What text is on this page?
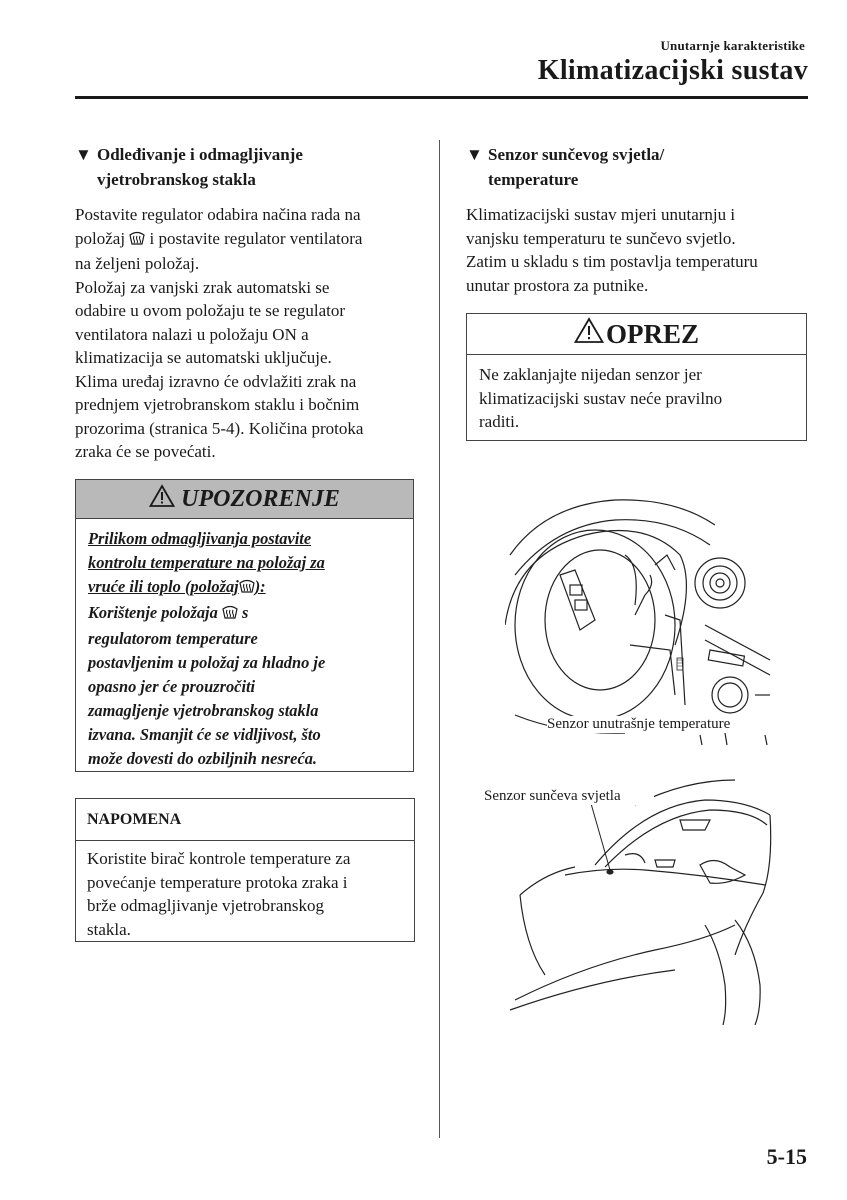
Unutarnje karakteristike
Klimatizacijski sustav
▼ Odleđivanje i odmagljivanje
vjetrobranskog stakla
Postavite regulator odabira načina rada na
položaj i postavite regulator ventilatora
na željeni položaj.
Položaj za vanjski zrak automatski se
odabire u ovom položaju te se regulator
ventilatora nalazi u položaju ON a
klimatizacija se automatski uključuje.
Klima uređaj izravno će odvlažiti zrak na
prednjem vjetrobranskom staklu i bočnim
prozorima (stranica 5-4). Količina protoka
zraka će se povećati.
UPOZORENJE
Prilikom odmagljivanja postavite
kontrolu temperature na položaj za
vruće ili toplo (položaj ):
Korištenje položaja s
regulatorom temperature
postavljenim u položaj za hladno je
opasno jer će prouzročiti
zamagljenje vjetrobranskog stakla
izvana. Smanjit će se vidljivost, što
može dovesti do ozbiljnih nesreća.
NAPOMENA
Koristite birač kontrole temperature za
povećanje temperature protoka zraka i
brže odmagljivanje vjetrobranskog
stakla.
▼ Senzor sunčevog svjetla/
temperature
Klimatizacijski sustav mjeri unutarnju i
vanjsku temperaturu te sunčevo svjetlo.
Zatim u skladu s tim postavlja temperaturu
unutar prostora za putnike.
OPREZ
Ne zaklanjajte nijedan senzor jer
klimatizacijski sustav neće pravilno
raditi.
Senzor unutrašnje temperature
Senzor sunčeva svjetla
5-15
